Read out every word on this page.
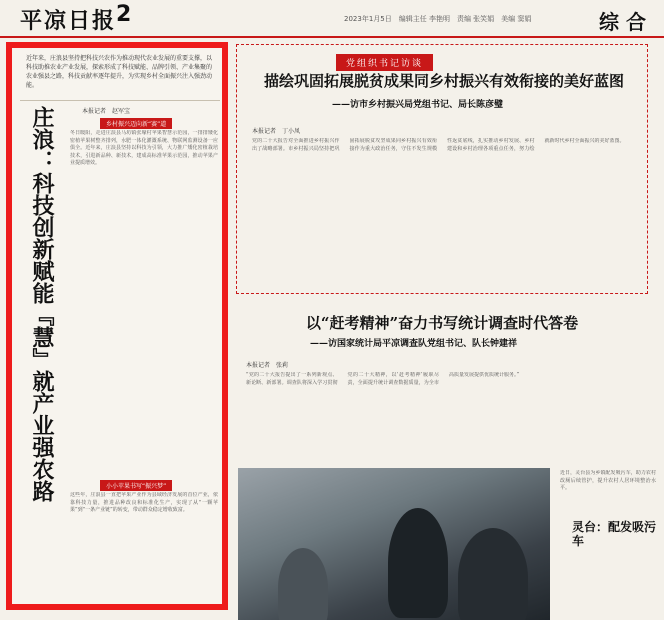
平凉日报 2	2023年1月5日　编辑主任 李艳明　责编 张笑娟　美编 窦娟	综 合
近年来，庄浪县坚持把科技兴农作为推动现代农业发展的重要支撑，以科技助推农业产业发展，探索形成了科技赋能、品牌引领、产业集聚的农业强县之路，科技贡献率逐年提升，为实现乡村全面振兴注入强劲动能。
庄浪：科技创新赋能『慧』就产业强农路	本报记者　赵军宝
乡村振兴迈向新“赛”道
冬日暖阳，走进庄浪县马坊镇张壕村苹果智慧示范园，一排排矮化密植苹果树整齐排列，水肥一体化灌溉系统、物联网监测设备一应俱全。近年来，庄浪县坚持以科技为引领，大力推广矮化密植栽培技术，引进新品种、新技术，建成高标准苹果示范园，推动苹果产业提质增效。
小小苹果书写“振兴梦”
这些年，庄浪县一直把苹果产业作为县域经济发展的首位产业，依靠科技力量，推进品种改良和标准化生产，实现了从“一颗苹果”到“一条产业链”的转变，带动群众稳定增收致富。
党组织书记访谈
描绘巩固拓展脱贫成果同乡村振兴有效衔接的美好蓝图
——访市乡村振兴局党组书记、局长陈彦璧
本报记者　丁小凤
党的二十大报告对全面推进乡村振兴作出了战略部署。市乡村振兴局坚持把巩固拓展脱贫攻坚成果同乡村振兴有效衔接作为重大政治任务，守住不发生规模性返贫底线，扎实推动乡村发展、乡村建设和乡村治理各项重点任务，努力绘就新时代乡村全面振兴的美好蓝图。
以“赶考精神”奋力书写统计调查时代答卷
——访国家统计局平凉调查队党组书记、队长钟建祥
本报记者　张莉
“党的二十大报告提出了一系列新观点、新论断、新部署。调查队将深入学习贯彻党的二十大精神，以‘赶考精神’履职尽责，全面提升统计调查数据质量，为全市高质量发展提供优质统计服务。”
近日，灵台县为乡镇配发吸污车，助力农村改厕后续管护，提升农村人居环境整治水平。
灵台：配发吸污车
